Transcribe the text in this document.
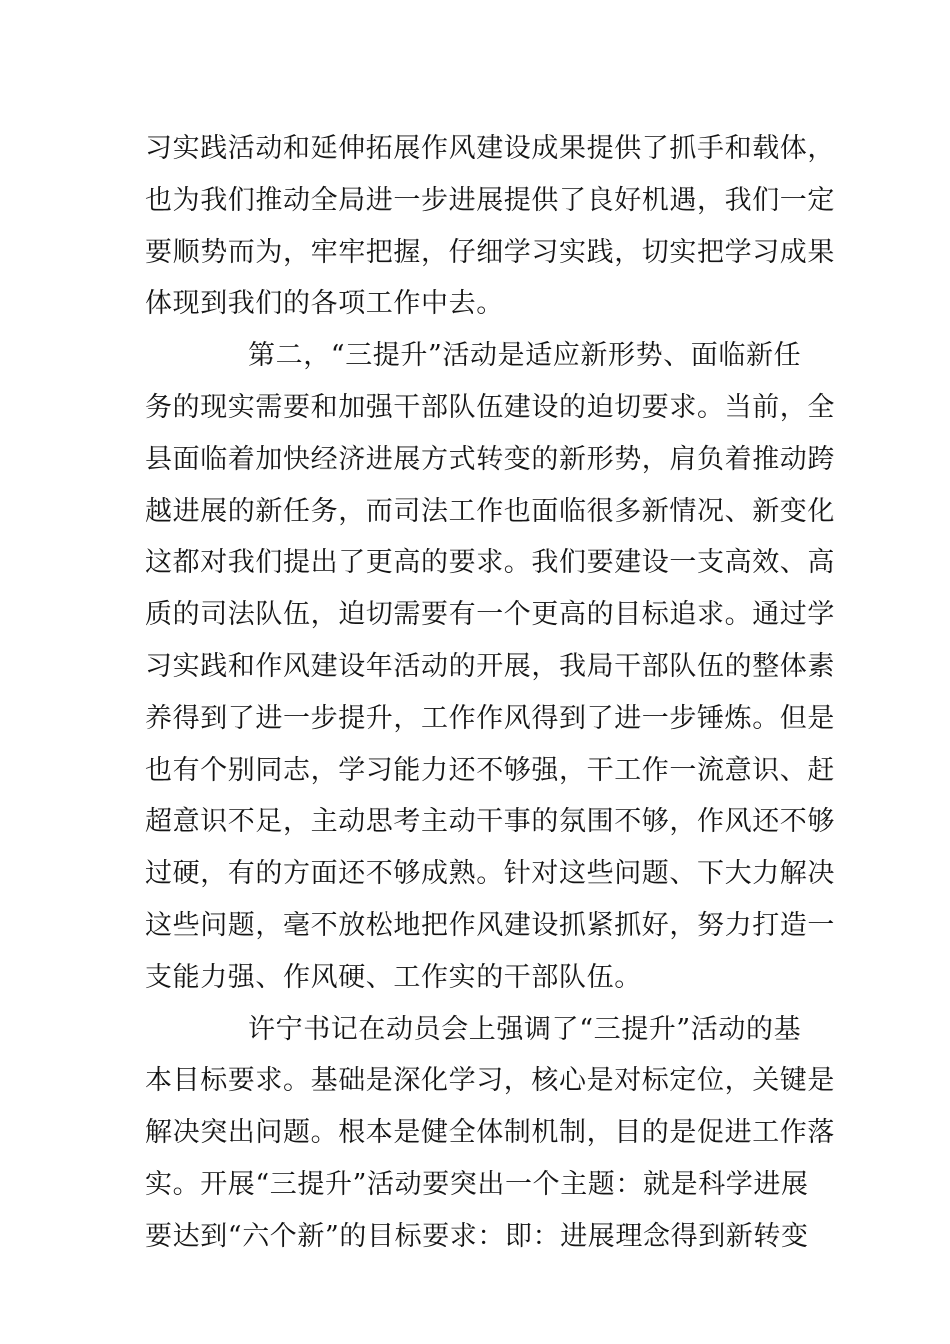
习实践活动和延伸拓展作风建设成果提供了抓手和载体，
也为我们推动全局进一步进展提供了良好机遇，我们一定
要顺势而为，牢牢把握，仔细学习实践，切实把学习成果
体现到我们的各项工作中去。
第二，“三提升”活动是适应新形势、面临新任
务的现实需要和加强干部队伍建设的迫切要求。当前，全
县面临着加快经济进展方式转变的新形势，肩负着推动跨
越进展的新任务，而司法工作也面临很多新情况、新变化
这都对我们提出了更高的要求。我们要建设一支高效、高
质的司法队伍，迫切需要有一个更高的目标追求。通过学
习实践和作风建设年活动的开展，我局干部队伍的整体素
养得到了进一步提升，工作作风得到了进一步锤炼。但是
也有个别同志，学习能力还不够强，干工作一流意识、赶
超意识不足，主动思考主动干事的氛围不够，作风还不够
过硬，有的方面还不够成熟。针对这些问题、下大力解决
这些问题，毫不放松地把作风建设抓紧抓好，努力打造一
支能力强、作风硬、工作实的干部队伍。
许宁书记在动员会上强调了“三提升”活动的基
本目标要求。基础是深化学习，核心是对标定位，关键是
解决突出问题。根本是健全体制机制，目的是促进工作落
实。开展“三提升”活动要突出一个主题：就是科学进展
要达到“六个新”的目标要求：即：进展理念得到新转变
